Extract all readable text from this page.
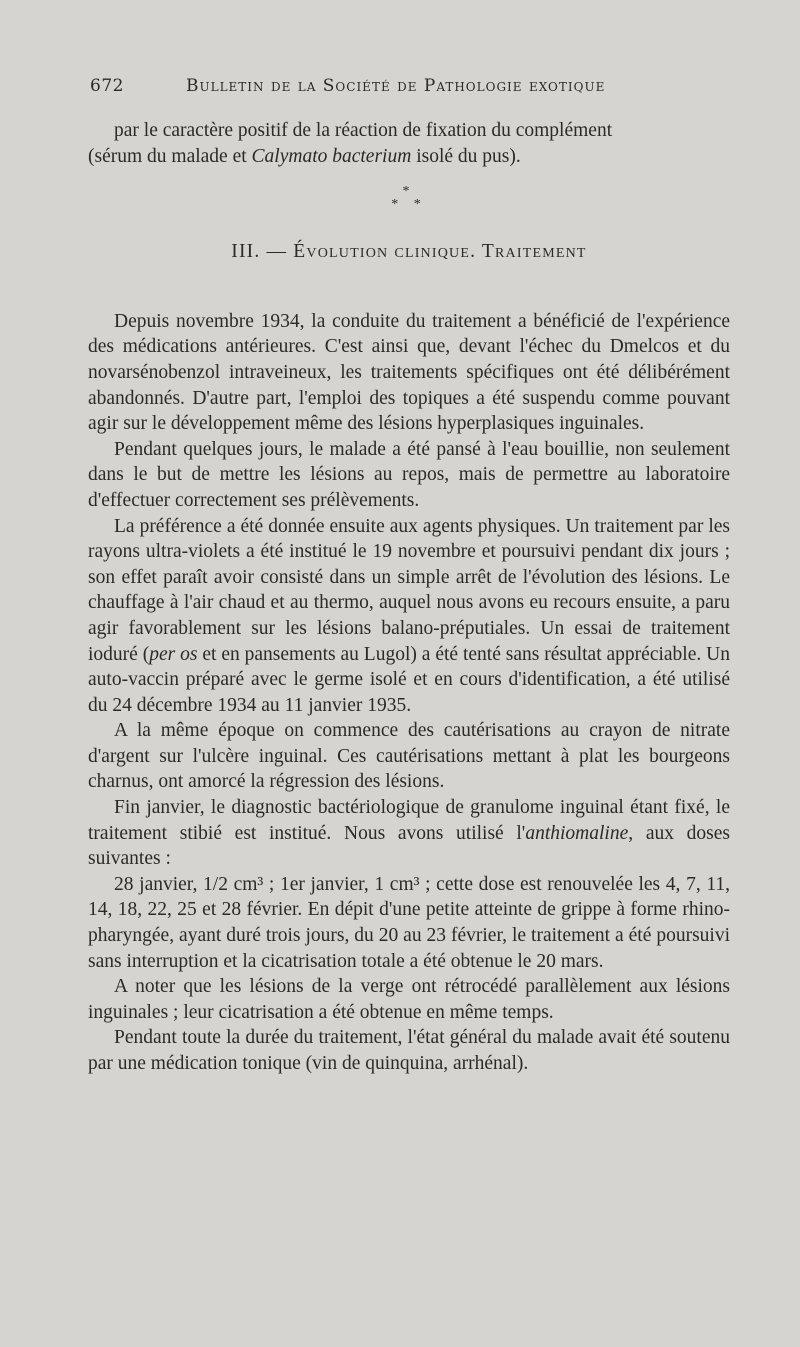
672	Bulletin de la Société de Pathologie exotique

par le caractère positif de la réaction de fixation du complément

(sérum du malade et Calymato bacterium isolé du pus).

*
* *

III. — Évolution clinique. Traitement

Depuis novembre 1934, la conduite du traitement a bénéficié de l'expérience des médications antérieures. C'est ainsi que, devant l'échec du Dmelcos et du novarsénobenzol intraveineux, les traitements spécifiques ont été délibérément abandonnés. D'autre part, l'emploi des topiques a été suspendu comme pouvant agir sur le développement même des lésions hyperplasiques inguinales.

Pendant quelques jours, le malade a été pansé à l'eau bouillie, non seulement dans le but de mettre les lésions au repos, mais de permettre au laboratoire d'effectuer correctement ses prélèvements.

La préférence a été donnée ensuite aux agents physiques. Un traitement par les rayons ultra-violets a été institué le 19 novembre et poursuivi pendant dix jours ; son effet paraît avoir consisté dans un simple arrêt de l'évolution des lésions. Le chauffage à l'air chaud et au thermo, auquel nous avons eu recours ensuite, a paru agir favorablement sur les lésions balano-préputiales. Un essai de traitement ioduré (per os et en pansements au Lugol) a été tenté sans résultat appréciable. Un auto-vaccin préparé avec le germe isolé et en cours d'identification, a été utilisé du 24 décembre 1934 au 11 janvier 1935.

A la même époque on commence des cautérisations au crayon de nitrate d'argent sur l'ulcère inguinal. Ces cautérisations mettant à plat les bourgeons charnus, ont amorcé la régression des lésions.

Fin janvier, le diagnostic bactériologique de granulome inguinal étant fixé, le traitement stibié est institué. Nous avons utilisé l'anthiomaline, aux doses suivantes :

28 janvier, 1/2 cm³ ; 1er janvier, 1 cm³ ; cette dose est renouvelée les 4, 7, 11, 14, 18, 22, 25 et 28 février. En dépit d'une petite atteinte de grippe à forme rhino-pharyngée, ayant duré trois jours, du 20 au 23 février, le traitement a été poursuivi sans interruption et la cicatrisation totale a été obtenue le 20 mars.

A noter que les lésions de la verge ont rétrocédé parallèlement aux lésions inguinales ; leur cicatrisation a été obtenue en même temps.

Pendant toute la durée du traitement, l'état général du malade avait été soutenu par une médication tonique (vin de quinquina, arrhénal).
